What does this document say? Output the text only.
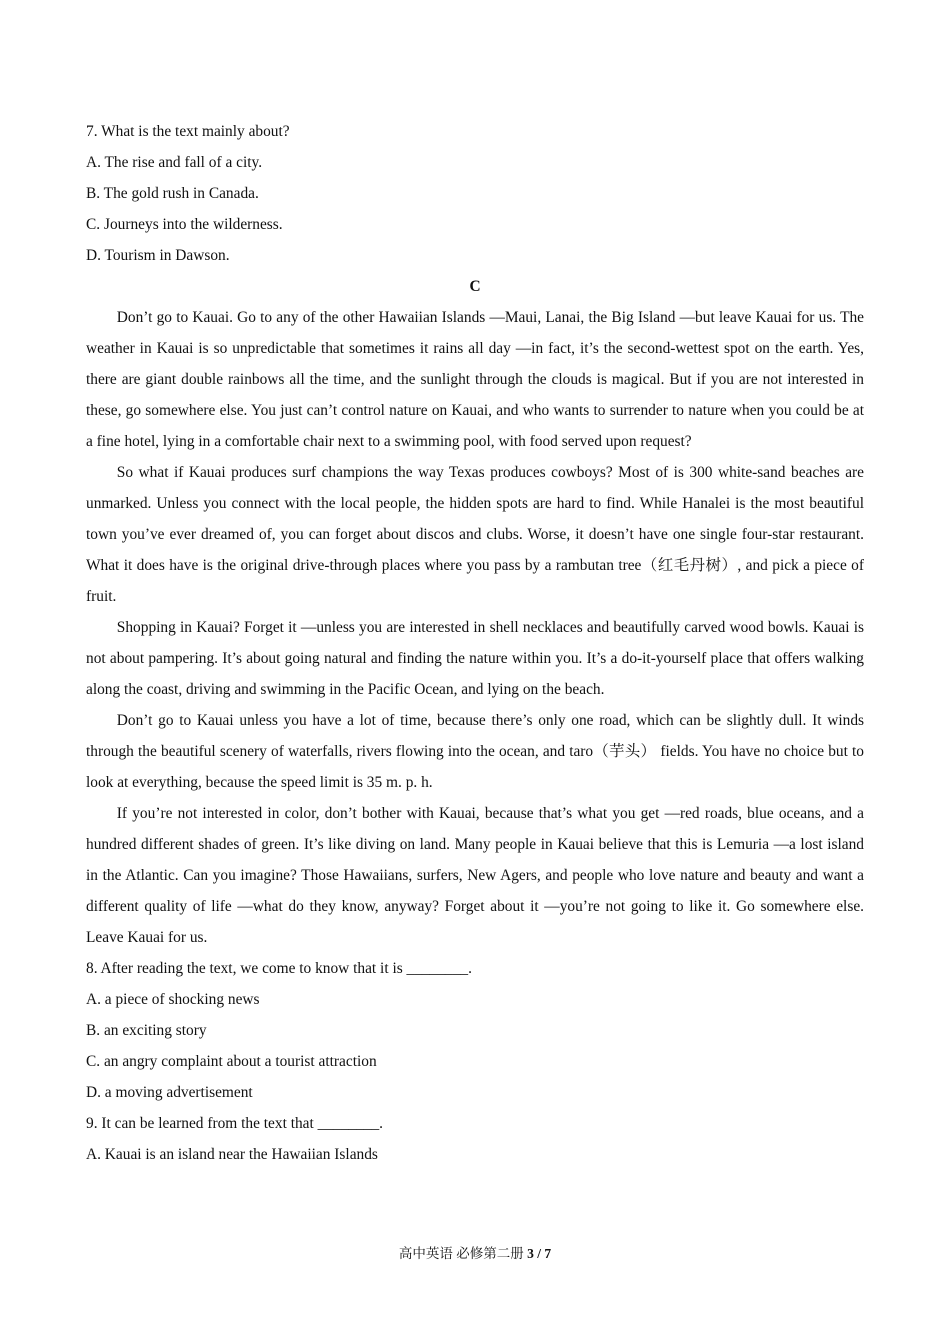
7. What is the text mainly about?
A. The rise and fall of a city.
B. The gold rush in Canada.
C. Journeys into the wilderness.
D. Tourism in Dawson.
C

Don’t go to Kauai. Go to any of the other Hawaiian Islands —Maui, Lanai, the Big Island —but leave Kauai for us. The weather in Kauai is so unpredictable that sometimes it rains all day —in fact, it’s the second-wettest spot on the earth. Yes, there are giant double rainbows all the time, and the sunlight through the clouds is magical. But if you are not interested in these, go somewhere else. You just can’t control nature on Kauai, and who wants to surrender to nature when you could be at a fine hotel, lying in a comfortable chair next to a swimming pool, with food served upon request?

So what if Kauai produces surf champions the way Texas produces cowboys? Most of is 300 white-sand beaches are unmarked. Unless you connect with the local people, the hidden spots are hard to find. While Hanalei is the most beautiful town you’ve ever dreamed of, you can forget about discos and clubs. Worse, it doesn’t have one single four-star restaurant. What it does have is the original drive-through places where you pass by a rambutan tree（红毛丹树）, and pick a piece of fruit.

Shopping in Kauai? Forget it —unless you are interested in shell necklaces and beautifully carved wood bowls. Kauai is not about pampering. It’s about going natural and finding the nature within you. It’s a do-it-yourself place that offers walking along the coast, driving and swimming in the Pacific Ocean, and lying on the beach.

Don’t go to Kauai unless you have a lot of time, because there’s only one road, which can be slightly dull. It winds through the beautiful scenery of waterfalls, rivers flowing into the ocean, and taro（芋头） fields. You have no choice but to look at everything, because the speed limit is 35 m. p. h.

If you’re not interested in color, don’t bother with Kauai, because that’s what you get —red roads, blue oceans, and a hundred different shades of green. It’s like diving on land. Many people in Kauai believe that this is Lemuria —a lost island in the Atlantic. Can you imagine? Those Hawaiians, surfers, New Agers, and people who love nature and beauty and want a different quality of life —what do they know, anyway? Forget about it —you’re not going to like it. Go somewhere else. Leave Kauai for us.

8. After reading the text, we come to know that it is ________.
A. a piece of shocking news
B. an exciting story
C. an angry complaint about a tourist attraction
D. a moving advertisement
9. It can be learned from the text that ________.
A. Kauai is an island near the Hawaiian Islands
高中英语 必修第二册 3 / 7
